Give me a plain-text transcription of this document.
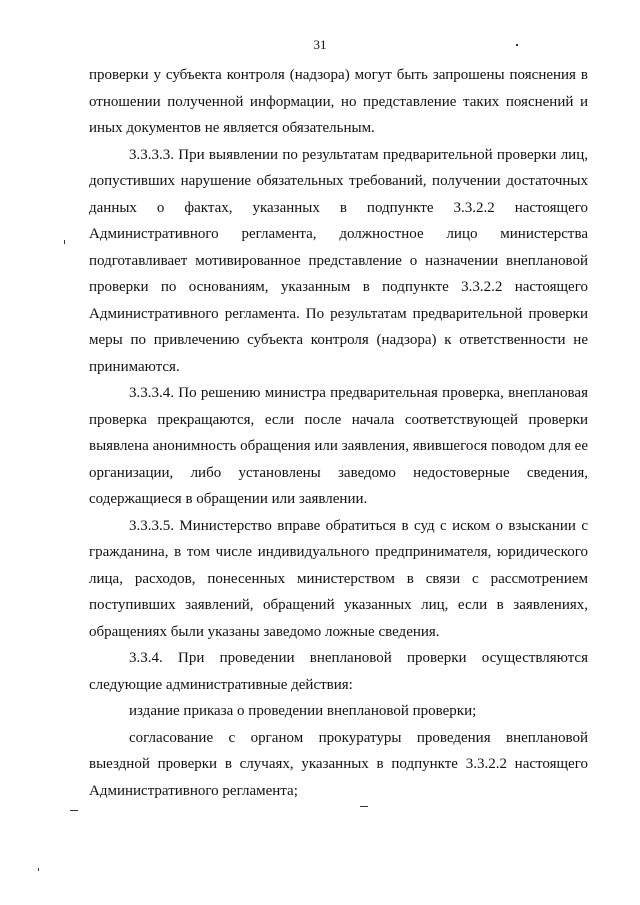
31

проверки у субъекта контроля (надзора) могут быть запрошены пояснения в отношении полученной информации, но представление таких пояснений и иных документов не является обязательным.

3.3.3.3. При выявлении по результатам предварительной проверки лиц, допустивших нарушение обязательных требований, получении достаточных данных о фактах, указанных в подпункте 3.3.2.2 настоящего Административного регламента, должностное лицо министерства подготавливает мотивированное представление о назначении внеплановой проверки по основаниям, указанным в подпункте 3.3.2.2 настоящего Административного регламента. По результатам предварительной проверки меры по привлечению субъекта контроля (надзора) к ответственности не принимаются.

3.3.3.4. По решению министра предварительная проверка, внеплановая проверка прекращаются, если после начала соответствующей проверки выявлена анонимность обращения или заявления, явившегося поводом для ее организации, либо установлены заведомо недостоверные сведения, содержащиеся в обращении или заявлении.

3.3.3.5. Министерство вправе обратиться в суд с иском о взыскании с гражданина, в том числе индивидуального предпринимателя, юридического лица, расходов, понесенных министерством в связи с рассмотрением поступивших заявлений, обращений указанных лиц, если в заявлениях, обращениях были указаны заведомо ложные сведения.

3.3.4. При проведении внеплановой проверки осуществляются следующие административные действия:

издание приказа о проведении внеплановой проверки;

согласование с органом прокуратуры проведения внеплановой выездной проверки в случаях, указанных в подпункте 3.3.2.2 настоящего Административного регламента;
